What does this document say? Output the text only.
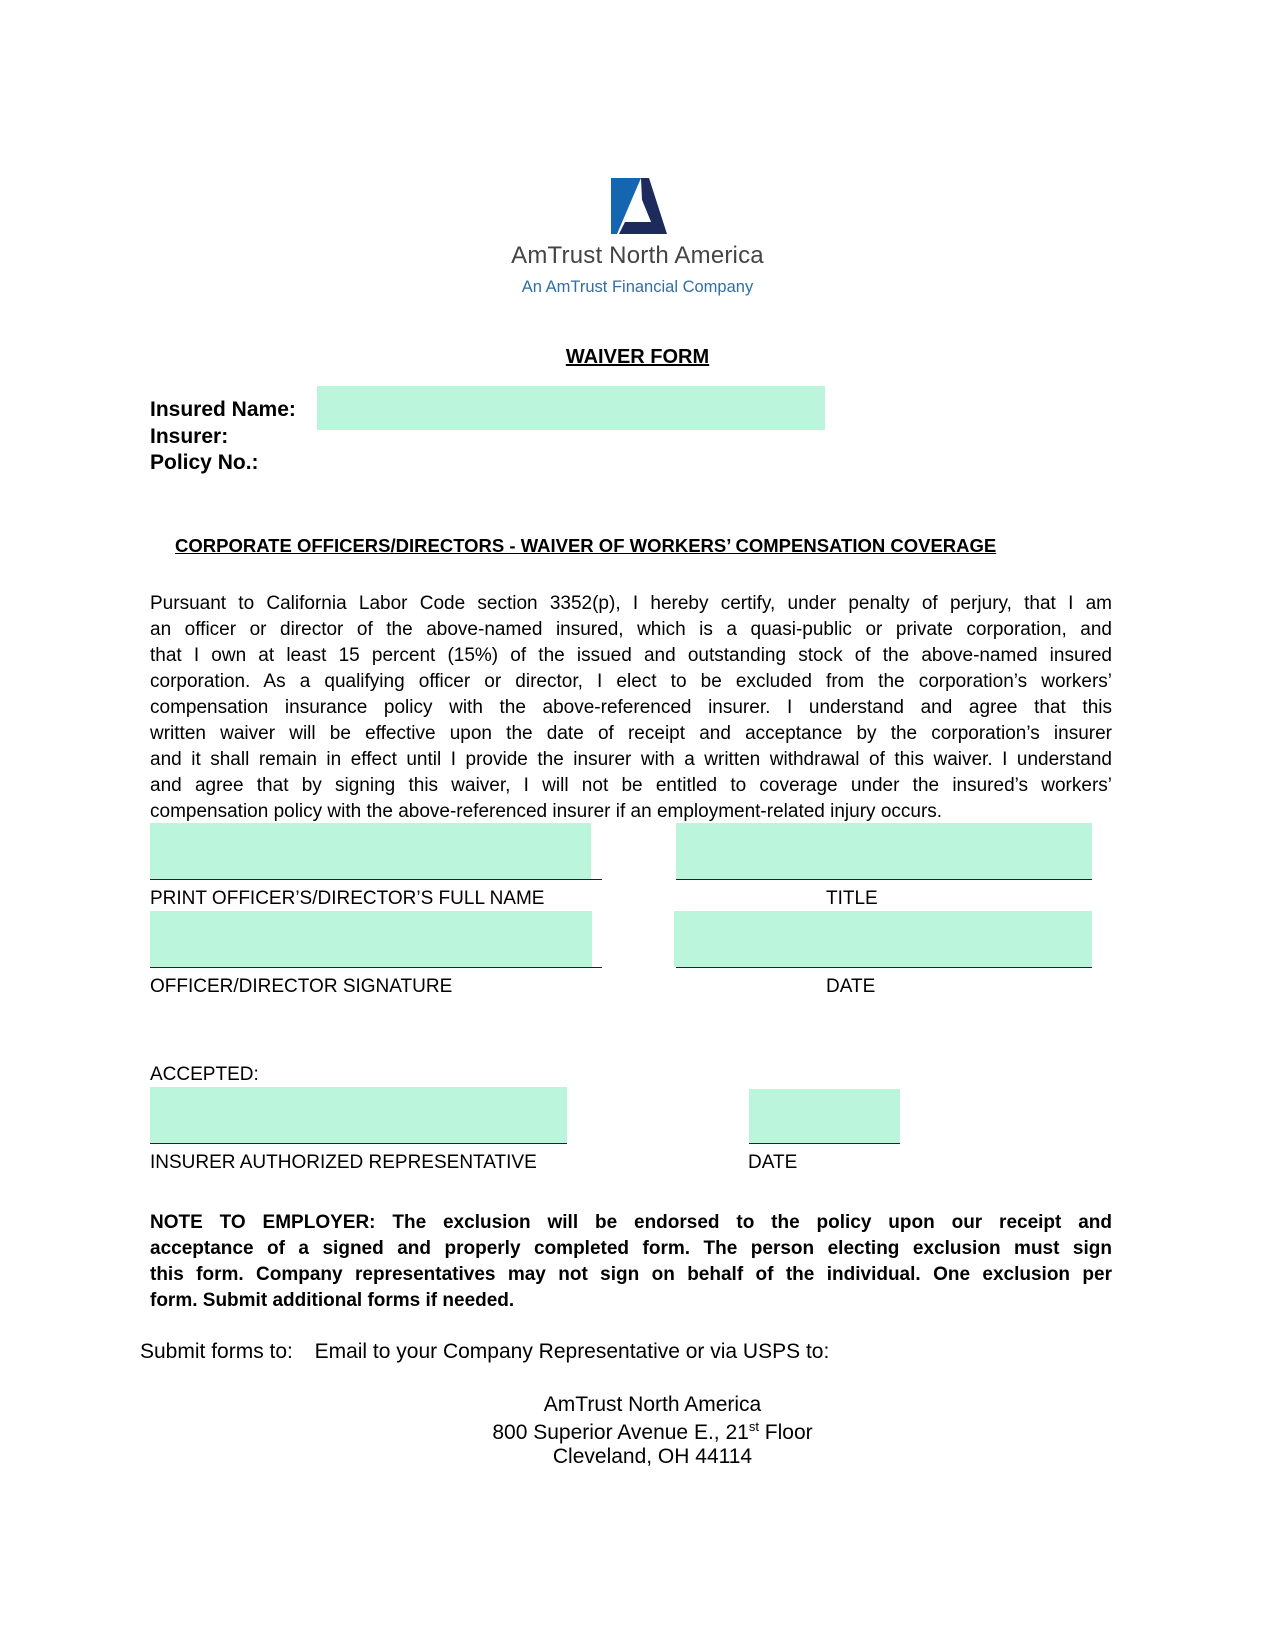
AmTrust North America
An AmTrust Financial Company
WAIVER FORM
Insured Name:
Insurer:
Policy No.:
CORPORATE OFFICERS/DIRECTORS - WAIVER OF WORKERS’ COMPENSATION COVERAGE
Pursuant to California Labor Code section 3352(p), I hereby certify, under penalty of perjury, that I am
an officer or director of the above-named insured, which is a quasi-public or private corporation, and
that I own at least 15 percent (15%) of the issued and outstanding stock of the above-named insured
corporation. As a qualifying officer or director, I elect to be excluded from the corporation’s workers’
compensation insurance policy with the above-referenced insurer. I understand and agree that this
written waiver will be effective upon the date of receipt and acceptance by the corporation’s insurer
and it shall remain in effect until I provide the insurer with a written withdrawal of this waiver. I understand
and agree that by signing this waiver, I will not be entitled to coverage under the insured’s workers’
compensation policy with the above-referenced insurer if an employment-related injury occurs.
PRINT OFFICER’S/DIRECTOR’S FULL NAME	TITLE
OFFICER/DIRECTOR SIGNATURE	DATE
ACCEPTED:
INSURER AUTHORIZED REPRESENTATIVE	DATE
NOTE TO EMPLOYER: The exclusion will be endorsed to the policy upon our receipt and
acceptance of a signed and properly completed form. The person electing exclusion must sign
this form. Company representatives may not sign on behalf of the individual. One exclusion per
form. Submit additional forms if needed.
Submit forms to: Email to your Company Representative or via USPS to:
AmTrust North America
800 Superior Avenue E., 21st Floor
Cleveland, OH 44114
